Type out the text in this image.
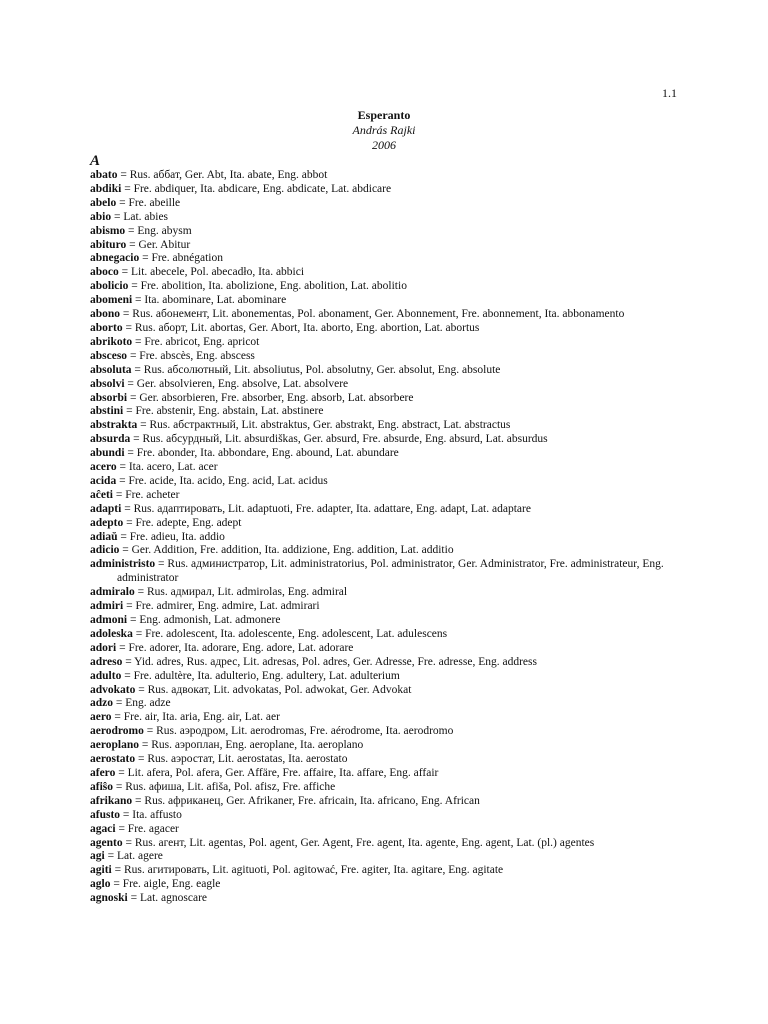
1.1
Esperanto
András Rajki
2006
A
abato = Rus. аббат, Ger. Abt, Ita. abate, Eng. abbot
abdiki = Fre. abdiquer, Ita. abdicare, Eng. abdicate, Lat. abdicare
abelo = Fre. abeille
abio = Lat. abies
abismo = Eng. abysm
abituro = Ger. Abitur
abnegacio = Fre. abnégation
aboco = Lit. abecele, Pol. abecadło, Ita. abbici
abolicio = Fre. abolition, Ita. abolizione, Eng. abolition, Lat. abolitio
abomeni = Ita. abominare, Lat. abominare
abono = Rus. абонемент, Lit. abonementas, Pol. abonament, Ger. Abonnement, Fre. abonnement, Ita. abbonamento
aborto = Rus. аборт, Lit. abortas, Ger. Abort, Ita. aborto, Eng. abortion, Lat. abortus
abrikoto = Fre. abricot, Eng. apricot
absceso = Fre. abscès, Eng. abscess
absoluta = Rus. абсолютный, Lit. absoliutus, Pol. absolutny, Ger. absolut, Eng. absolute
absolvi = Ger. absolvieren, Eng. absolve, Lat. absolvere
absorbi = Ger. absorbieren, Fre. absorber, Eng. absorb, Lat. absorbere
abstini = Fre. abstenir, Eng. abstain, Lat. abstinere
abstrakta = Rus. абстрактный, Lit. abstraktus, Ger. abstrakt, Eng. abstract, Lat. abstractus
absurda = Rus. абсурдный, Lit. absurdiškas, Ger. absurd, Fre. absurde, Eng. absurd, Lat. absurdus
abundi = Fre. abonder, Ita. abbondare, Eng. abound, Lat. abundare
acero = Ita. acero, Lat. acer
acida = Fre. acide, Ita. acido, Eng. acid, Lat. acidus
aĉeti = Fre. acheter
adapti = Rus. адаптировать, Lit. adaptuoti, Fre. adapter, Ita. adattare, Eng. adapt, Lat. adaptare
adepto = Fre. adepte, Eng. adept
adiaŭ = Fre. adieu, Ita. addio
adicio = Ger. Addition, Fre. addition, Ita. addizione, Eng. addition, Lat. additio
administristo = Rus. администратор, Lit. administratorius, Pol. administrator, Ger. Administrator, Fre. administrateur, Eng. administrator
admiralo = Rus. адмирал, Lit. admirolas, Eng. admiral
admiri = Fre. admirer, Eng. admire, Lat. admirari
admoni = Eng. admonish, Lat. admonere
adoleska = Fre. adolescent, Ita. adolescente, Eng. adolescent, Lat. adulescens
adori = Fre. adorer, Ita. adorare, Eng. adore, Lat. adorare
adreso = Yid. adres, Rus. адрес, Lit. adresas, Pol. adres, Ger. Adresse, Fre. adresse, Eng. address
adulto = Fre. adultère, Ita. adulterio, Eng. adultery, Lat. adulterium
advokato = Rus. адвокат, Lit. advokatas, Pol. adwokat, Ger. Advokat
adzo = Eng. adze
aero = Fre. air, Ita. aria, Eng. air, Lat. aer
aerodromo = Rus. аэродром, Lit. aerodromas, Fre. aérodrome, Ita. aerodromo
aeroplano = Rus. аэроплан, Eng. aeroplane, Ita. aeroplano
aerostato = Rus. аэростат, Lit. aerostatas, Ita. aerostato
afero = Lit. afera, Pol. afera, Ger. Affäre, Fre. affaire, Ita. affare, Eng. affair
afiŝo = Rus. афиша, Lit. afiša, Pol. afisz, Fre. affiche
afrikano = Rus. африканец, Ger. Afrikaner, Fre. africain, Ita. africano, Eng. African
afusto = Ita. affusto
agaci = Fre. agacer
agento = Rus. агент, Lit. agentas, Pol. agent, Ger. Agent, Fre. agent, Ita. agente, Eng. agent, Lat. (pl.) agentes
agi = Lat. agere
agiti = Rus. агитировать, Lit. agituoti, Pol. agitować, Fre. agiter, Ita. agitare, Eng. agitate
aglo = Fre. aigle, Eng. eagle
agnoski = Lat. agnoscare
